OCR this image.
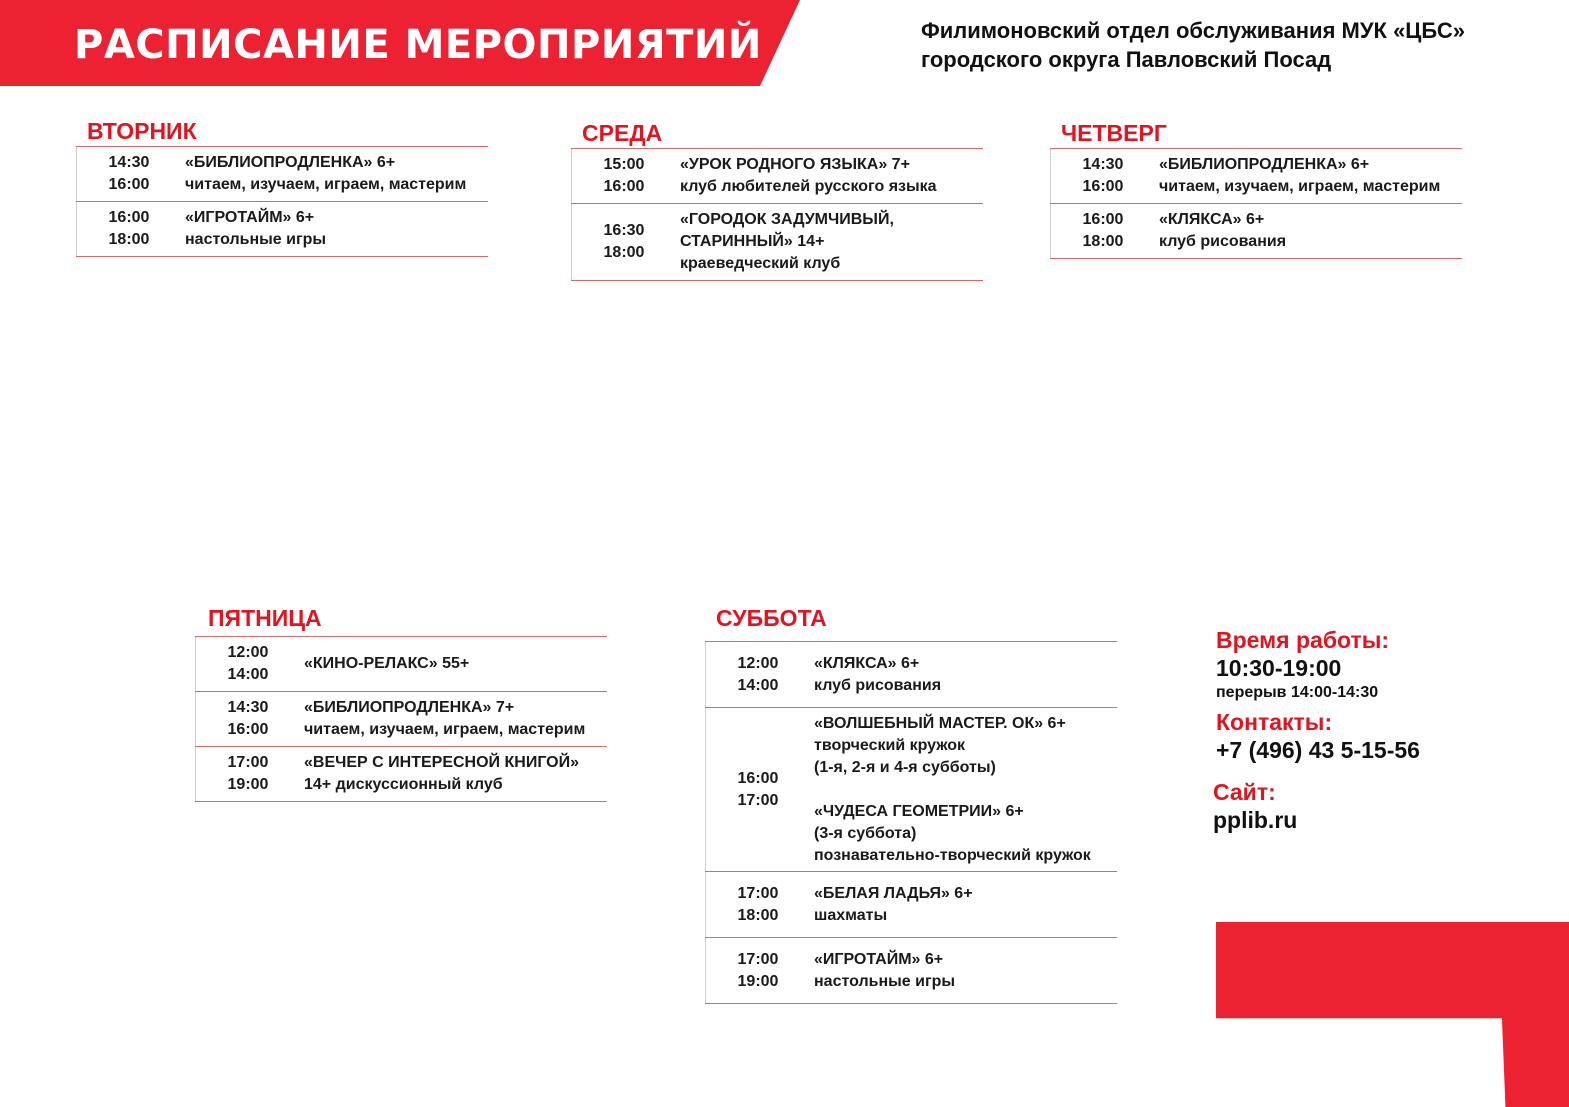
РАСПИСАНИЕ МЕРОПРИЯТИЙ	Филимоновский отдел обслуживания МУК «ЦБС»
городского округа Павловский Посад
ВТОРНИК
14:30
16:00
«БИБЛИОПРОДЛЕНКА» 6+
читаем, изучаем, играем, мастерим
16:00
18:00
«ИГРОТАЙМ» 6+
настольные игры
СРЕДА
15:00
16:00
«УРОК РОДНОГО ЯЗЫКА» 7+
клуб любителей русского языка
16:30
18:00
«ГОРОДОК ЗАДУМЧИВЫЙ,
СТАРИННЫЙ» 14+
краеведческий клуб
ЧЕТВЕРГ
14:30
16:00
«БИБЛИОПРОДЛЕНКА» 6+
читаем, изучаем, играем, мастерим
16:00
18:00
«КЛЯКСА» 6+
клуб рисования
ПЯТНИЦА
12:00
14:00
«КИНО-РЕЛАКС» 55+
14:30
16:00
«БИБЛИОПРОДЛЕНКА» 7+
читаем, изучаем, играем, мастерим
17:00
19:00
«ВЕЧЕР С ИНТЕРЕСНОЙ КНИГОЙ»
14+ дискуссионный клуб
СУББОТА
12:00
14:00
«КЛЯКСА» 6+
клуб рисования
16:00
17:00
«ВОЛШЕБНЫЙ МАСТЕР. ОК» 6+
творческий кружок
(1-я, 2-я и 4-я субботы)
«ЧУДЕСА ГЕОМЕТРИИ» 6+
(3-я суббота)
познавательно-творческий кружок
17:00
18:00
«БЕЛАЯ ЛАДЬЯ» 6+
шахматы
17:00
19:00
«ИГРОТАЙМ» 6+
настольные игры

Время работы:

10:30-19:00

перерыв 14:00-14:30

Контакты:

+7 (496) 43 5-15-56

Сайт:

pplib.ru
